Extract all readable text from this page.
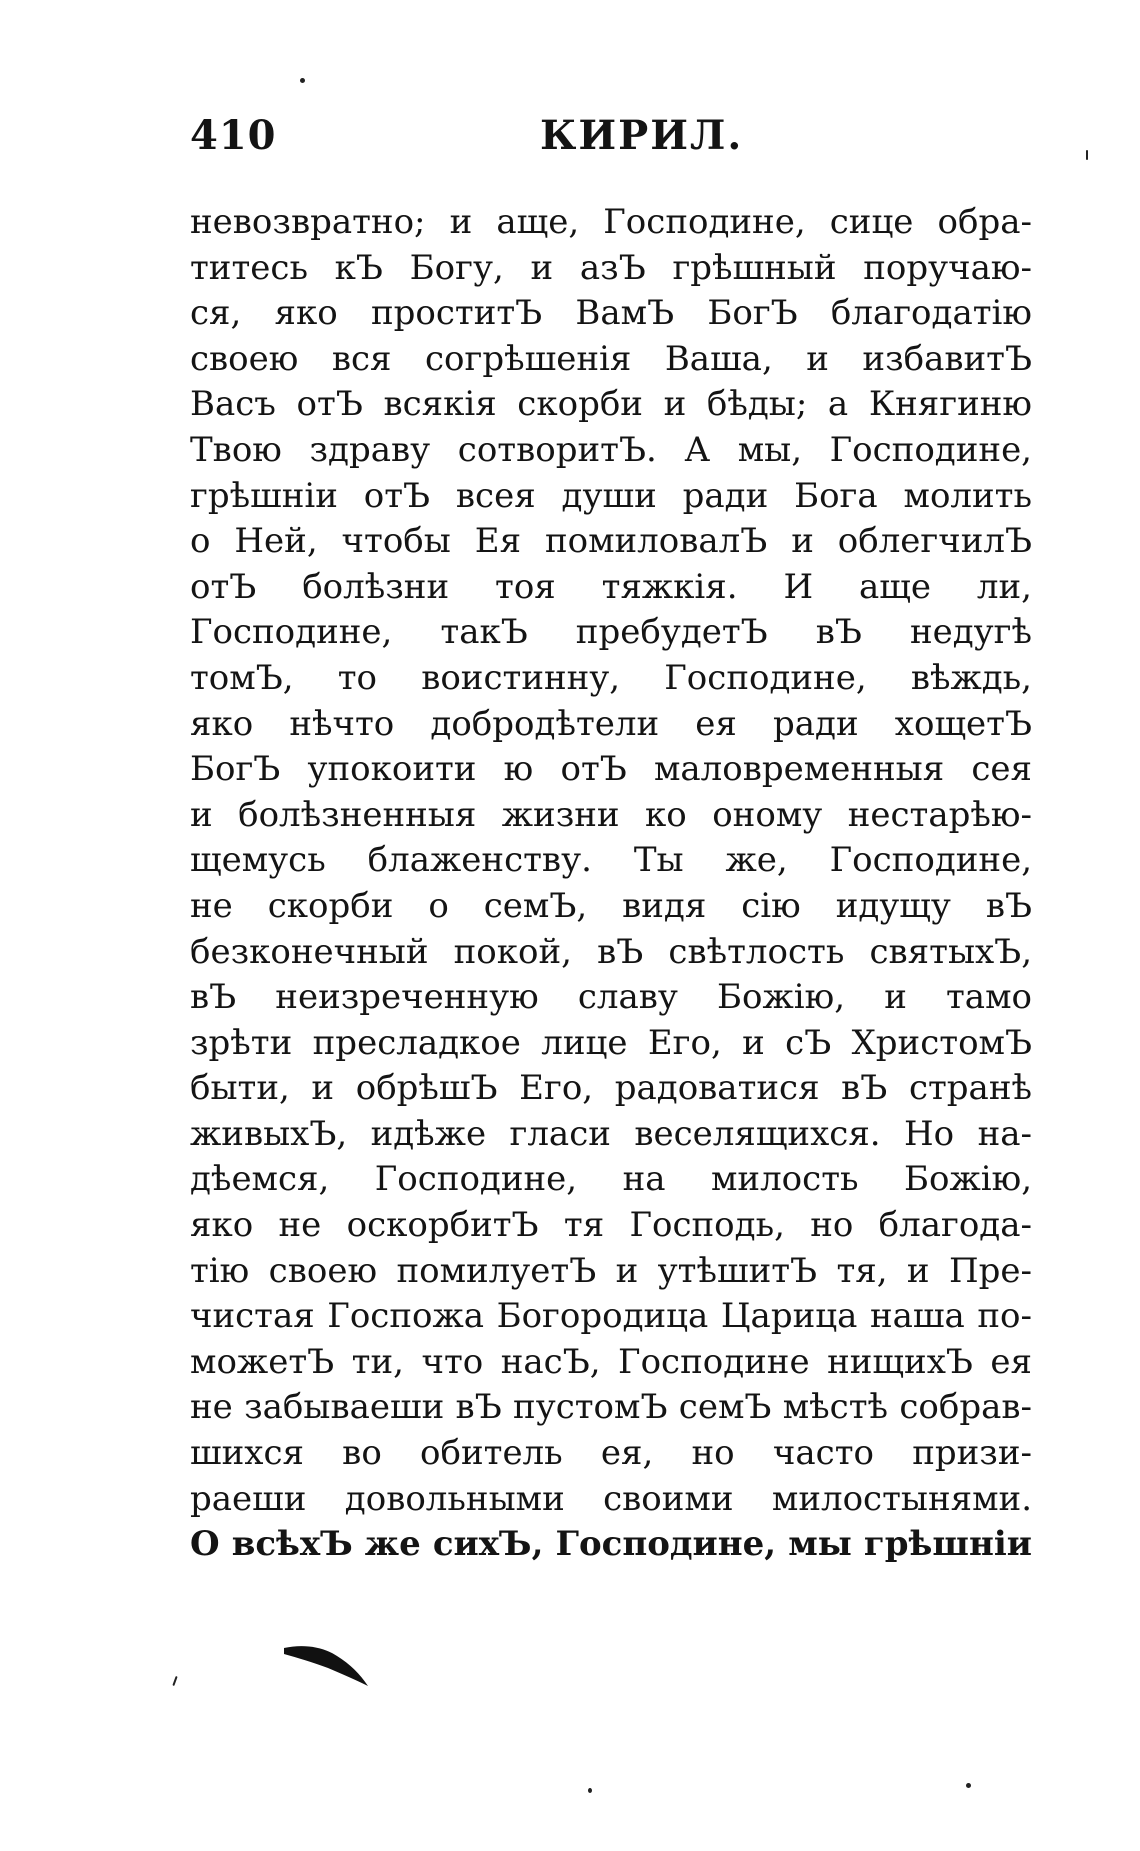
410	КИРИЛ.
невозвратно; и аще, Господине, сице обра-
титесь кЪ Богу, и азЪ грѣшный поручаю-
ся, яко проститЪ ВамЪ БогЪ благодатію
своею вся согрѣшенія Ваша, и избавитЪ
Васъ отЪ всякія скорби и бѣды; а Княгиню
Твою здраву сотворитЪ. А мы, Господине,
грѣшніи отЪ всея души ради Бога молить
о Ней, чтобы Ея помиловалЪ и облегчилЪ
отЪ болѣзни тоя тяжкія. И аще ли,
Господине, такЪ пребудетЪ вЪ недугѣ
томЪ, то воистинну, Господине, вѣждь,
яко нѣчто добродѣтели ея ради хощетЪ
БогЪ упокоити ю отЪ маловременныя сея
и болѣзненныя жизни ко оному нестарѣю-
щемусь блаженству. Ты же, Господине,
не скорби о семЪ, видя сію идущу вЪ
безконечный покой, вЪ свѣтлость святыхЪ,
вЪ неизреченную славу Божію, и тамо
зрѣти пресладкое лице Его, и сЪ ХристомЪ
быти, и обрѣшЪ Его, радоватися вЪ странѣ
живыхЪ, идѣже гласи веселящихся. Но на-
дѣемся, Господине, на милость Божію,
яко не оскорбитЪ тя Господь, но благода-
тію своею помилуетЪ и утѣшитЪ тя, и Пре-
чистая Госпожа Богородица Царица наша по-
можетЪ ти, что насЪ, Господине нищихЪ ея
не забываеши вЪ пустомЪ семЪ мѣстѣ собрав-
шихся во обитель ея, но часто призи-
раеши довольными своими милостынями.
О всѣхЪ же сихЪ, Господине, мы грѣшніи
